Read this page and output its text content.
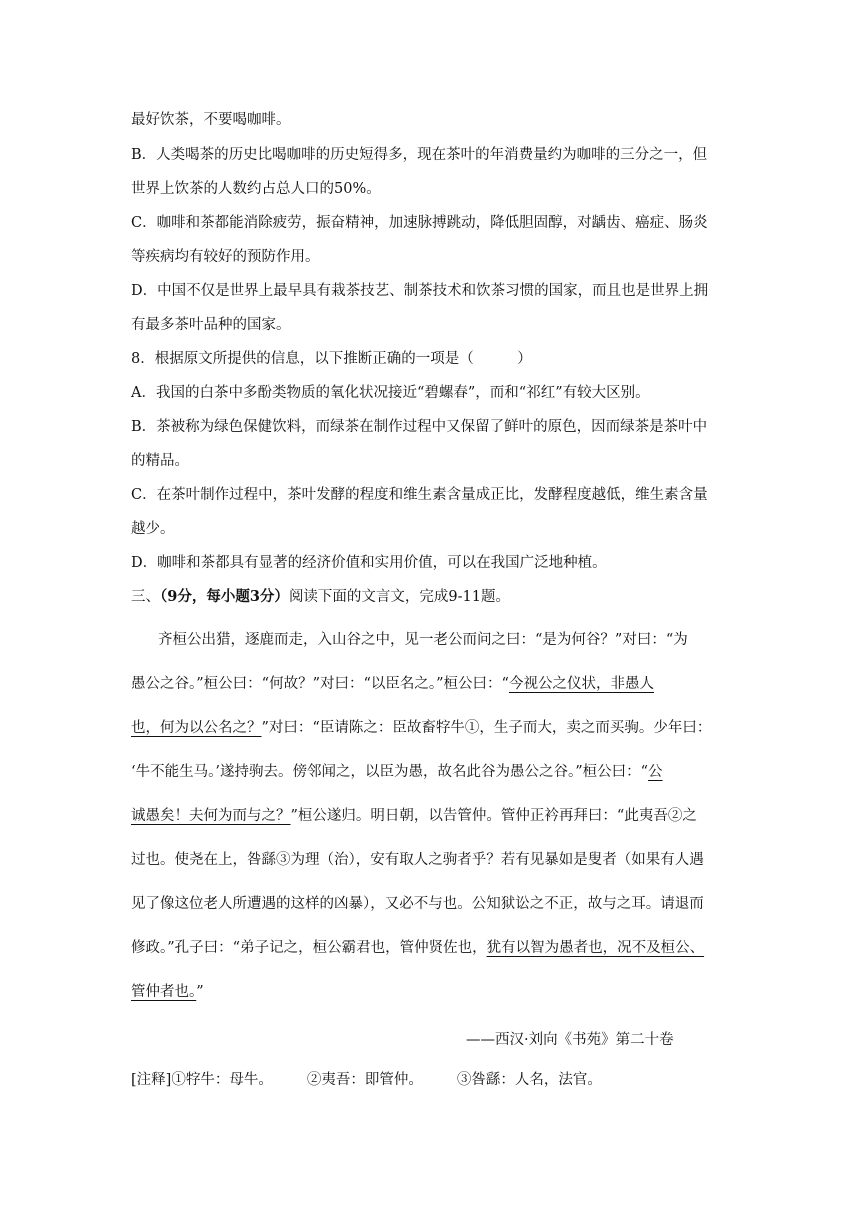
最好饮茶，不要喝咖啡。
B．人类喝茶的历史比喝咖啡的历史短得多，现在茶叶的年消费量约为咖啡的三分之一，但
世界上饮茶的人数约占总人口的50%。
C．咖啡和茶都能消除疲劳，振奋精神，加速脉搏跳动，降低胆固醇，对龋齿、癌症、肠炎
等疾病均有较好的预防作用。
D．中国不仅是世界上最早具有栽茶技艺、制茶技术和饮茶习惯的国家，而且也是世界上拥
有最多茶叶品种的国家。
8．根据原文所提供的信息，以下推断正确的一项是（　　　）
A．我国的白茶中多酚类物质的氧化状况接近“碧螺春”，而和“祁红”有较大区别。
B．茶被称为绿色保健饮料，而绿茶在制作过程中又保留了鲜叶的原色，因而绿茶是茶叶中
的精品。
C．在茶叶制作过程中，茶叶发酵的程度和维生素含量成正比，发酵程度越低，维生素含量
越少。
D．咖啡和茶都具有显著的经济价值和实用价值，可以在我国广泛地种植。
三、（9分，每小题3分）阅读下面的文言文，完成9-11题。
齐桓公出猎，逐鹿而走，入山谷之中，见一老公而问之曰：“是为何谷？”对曰：“为
愚公之谷。”桓公曰：“何故？”对曰：“以臣名之。”桓公曰：“今视公之仪状，非愚人
也，何为以公名之？”对曰：“臣请陈之：臣故畜牸牛①，生子而大，卖之而买驹。少年曰：
‘牛不能生马。’遂持驹去。傍邻闻之，以臣为愚，故名此谷为愚公之谷。”桓公曰：“公
诚愚矣！夫何为而与之？”桓公遂归。明日朝，以告管仲。管仲正衿再拜曰：“此夷吾②之
过也。使尧在上，咎繇③为理（治），安有取人之驹者乎？若有见暴如是叟者（如果有人遇
见了像这位老人所遭遇的这样的凶暴），又必不与也。公知狱讼之不正，故与之耳。请退而
修政。”孔子曰：“弟子记之，桓公霸君也，管仲贤佐也，犹有以智为愚者也，况不及桓公、
管仲者也。”
——西汉·刘向《书苑》第二十卷
[注释]①牸牛：母牛。 ②夷吾：即管仲。 ③咎繇：人名，法官。
